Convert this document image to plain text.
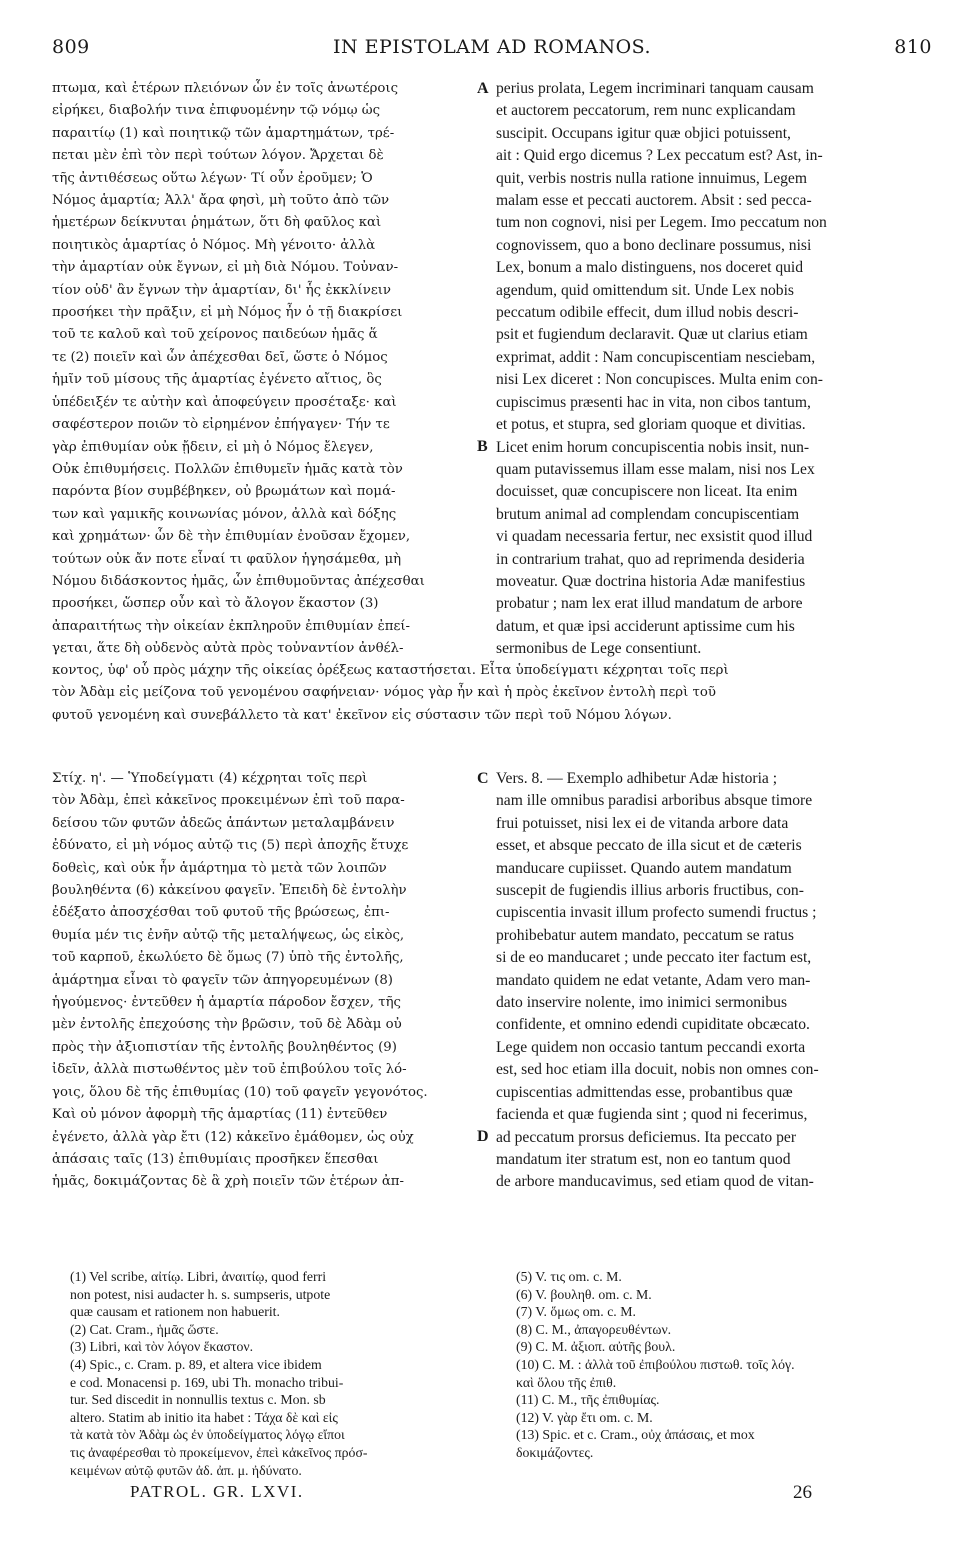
809	IN EPISTOLAM AD ROMANOS.	810
πτωμα, καὶ ἑτέρων πλειόνων ὧν ἐν τοῖς ἀνωτέροις
εἰρήκει, διαβολήν τινα ἐπιφυομένην τῷ νόμῳ ὡς
παραιτίῳ (1) καὶ ποιητικῷ τῶν ἁμαρτημάτων, τρέ-
πεται μὲν ἐπὶ τὸν περὶ τούτων λόγον. Ἄρχεται δὲ
τῆς ἀντιθέσεως οὕτω λέγων· Τί οὖν ἐροῦμεν; Ὁ
Νόμος ἁμαρτία; Ἀλλ' ἄρα φησὶ, μὴ τοῦτο ἀπὸ τῶν
ἡμετέρων δείκνυται ῥημάτων, ὅτι δὴ φαῦλος καὶ
ποιητικὸς ἁμαρτίας ὁ Νόμος. Μὴ γένοιτο· ἀλλὰ
τὴν ἁμαρτίαν οὐκ ἔγνων, εἰ μὴ διὰ Νόμου. Τοὐναν-
τίον οὐδ' ἂν ἔγνων τὴν ἁμαρτίαν, δι' ἧς ἐκκλίνειν
προσήκει τὴν πρᾶξιν, εἰ μὴ Νόμος ἦν ὁ τῇ διακρίσει
τοῦ τε καλοῦ καὶ τοῦ χείρονος παιδεύων ἡμᾶς ἅ
τε (2) ποιεῖν καὶ ὧν ἀπέχεσθαι δεῖ, ὥστε ὁ Νόμος
ἡμῖν τοῦ μίσους τῆς ἁμαρτίας ἐγένετο αἴτιος, ὃς
ὑπέδειξέν τε αὐτὴν καὶ ἀποφεύγειν προσέταξε· καὶ
σαφέστερον ποιῶν τὸ εἰρημένον ἐπήγαγεν· Τήν τε
γὰρ ἐπιθυμίαν οὐκ ᾔδειν, εἰ μὴ ὁ Νόμος ἔλεγεν,
Οὐκ ἐπιθυμήσεις. Πολλῶν ἐπιθυμεῖν ἡμᾶς κατὰ τὸν
παρόντα βίον συμβέβηκεν, οὐ βρωμάτων καὶ πομά-
των καὶ γαμικῆς κοινωνίας μόνον, ἀλλὰ καὶ δόξης
καὶ χρημάτων· ὧν δὲ τὴν ἐπιθυμίαν ἐνοῦσαν ἔχομεν,
τούτων οὐκ ἄν ποτε εἶναί τι φαῦλον ἡγησάμεθα, μὴ
Νόμου διδάσκοντος ἡμᾶς, ὧν ἐπιθυμοῦντας ἀπέχεσθαι
προσήκει, ὥσπερ οὖν καὶ τὸ ἄλογον ἕκαστον (3)
ἀπαραιτήτως τὴν οἰκείαν ἐκπληροῦν ἐπιθυμίαν ἐπεί-
γεται, ἅτε δὴ οὐδενὸς αὐτὰ πρὸς τοὐναντίον ἀνθέλ-
perius prolata, Legem incriminari tanquam causam
et auctorem peccatorum, rem nunc explicandam
suscipit. Occupans igitur quæ objici potuissent,
ait : Quid ergo dicemus ? Lex peccatum est? Ast, in-
quit, verbis nostris nulla ratione innuimus, Legem
malam esse et peccati auctorem. Absit : sed pecca-
tum non cognovi, nisi per Legem. Imo peccatum non
cognovissem, quo a bono declinare possumus, nisi
Lex, bonum a malo distinguens, nos doceret quid
agendum, quid omittendum sit. Unde Lex nobis
peccatum odibile effecit, dum illud nobis descri-
psit et fugiendum declaravit. Quæ ut clarius etiam
exprimat, addit : Nam concupiscentiam nesciebam,
nisi Lex diceret : Non concupisces. Multa enim con-
cupiscimus præsenti hac in vita, non cibos tantum,
et potus, et stupra, sed gloriam quoque et divitias.
Licet enim horum concupiscentia nobis insit, nun-
quam putavissemus illam esse malam, nisi nos Lex
docuisset, quæ concupiscere non liceat. Ita enim
brutum animal ad complendam concupiscentiam
vi quadam necessaria fertur, nec exsistit quod illud
in contrarium trahat, quo ad reprimenda desideria
moveatur. Quæ doctrina historia Adæ manifestius
probatur ; nam lex erat illud mandatum de arbore
datum, et quæ ipsi acciderunt aptissime cum his
sermonibus de Lege consentiunt.
A
B
κοντος, ὑφ' οὗ πρὸς μάχην τῆς οἰκείας ὀρέξεως καταστήσεται. Εἶτα ὑποδείγματι κέχρηται τοῖς περὶ
τὸν Ἀδὰμ εἰς μείζονα τοῦ γενομένου σαφήνειαν· νόμος γὰρ ἦν καὶ ἡ πρὸς ἐκεῖνον ἐντολὴ περὶ τοῦ
φυτοῦ γενομένη καὶ συνεβάλλετο τὰ κατ' ἐκεῖνον εἰς σύστασιν τῶν περὶ τοῦ Νόμου λόγων.
Στίχ. η'. — Ὑποδείγματι (4) κέχρηται τοῖς περὶ
τὸν Ἀδὰμ, ἐπεὶ κἀκεῖνος προκειμένων ἐπὶ τοῦ παρα-
δείσου τῶν φυτῶν ἀδεῶς ἁπάντων μεταλαμβάνειν
ἐδύνατο, εἰ μὴ νόμος αὐτῷ τις (5) περὶ ἀποχῆς ἔτυχε
δοθεὶς, καὶ οὐκ ἦν ἁμάρτημα τὸ μετὰ τῶν λοιπῶν
βουληθέντα (6) κἀκείνου φαγεῖν. Ἐπειδὴ δὲ ἐντολὴν
ἐδέξατο ἀποσχέσθαι τοῦ φυτοῦ τῆς βρώσεως, ἐπι-
θυμία μέν τις ἐνῆν αὐτῷ τῆς μεταλήψεως, ὡς εἰκὸς,
τοῦ καρποῦ, ἐκωλύετο δὲ ὅμως (7) ὑπὸ τῆς ἐντολῆς,
ἁμάρτημα εἶναι τὸ φαγεῖν τῶν ἀπηγορευμένων (8)
ἡγούμενος· ἐντεῦθεν ἡ ἁμαρτία πάροδον ἔσχεν, τῆς
μὲν ἐντολῆς ἐπεχούσης τὴν βρῶσιν, τοῦ δὲ Ἀδὰμ οὐ
πρὸς τὴν ἀξιοπιστίαν τῆς ἐντολῆς βουληθέντος (9)
ἰδεῖν, ἀλλὰ πιστωθέντος μὲν τοῦ ἐπιβούλου τοῖς λό-
γοις, ὅλου δὲ τῆς ἐπιθυμίας (10) τοῦ φαγεῖν γεγονότος.
Καὶ οὐ μόνον ἀφορμὴ τῆς ἁμαρτίας (11) ἐντεῦθεν
ἐγένετο, ἀλλὰ γὰρ ἔτι (12) κἀκεῖνο ἐμάθομεν, ὡς οὐχ
ἁπάσαις ταῖς (13) ἐπιθυμίαις προσῆκεν ἕπεσθαι
ἡμᾶς, δοκιμάζοντας δὲ ἃ χρὴ ποιεῖν τῶν ἑτέρων ἀπ-
Vers. 8. — Exemplo adhibetur Adæ historia ;
nam ille omnibus paradisi arboribus absque timore
frui potuisset, nisi lex ei de vitanda arbore data
esset, et absque peccato de illa sicut et de cæteris
manducare cupiisset. Quando autem mandatum
suscepit de fugiendis illius arboris fructibus, con-
cupiscentia invasit illum profecto sumendi fructus ;
prohibebatur autem mandato, peccatum se ratus
si de eo manducaret ; unde peccato iter factum est,
mandato quidem ne edat vetante, Adam vero man-
dato inservire nolente, imo inimici sermonibus
confidente, et omnino edendi cupiditate obcæcato.
Lege quidem non occasio tantum peccandi exorta
est, sed hoc etiam illa docuit, nobis non omnes con-
cupiscentias admittendas esse, probantibus quæ
facienda et quæ fugienda sint ; quod ni fecerimus,
ad peccatum prorsus deficiemus. Ita peccato per
mandatum iter stratum est, non eo tantum quod
de arbore manducavimus, sed etiam quod de vitan-
C
D
(1) Vel scribe, αἰτίῳ. Libri, ἀναιτίῳ, quod ferri
non potest, nisi audacter h. s. sumpseris, utpote
quæ causam et rationem non habuerit.
(2) Cat. Cram., ἡμᾶς ὥστε.
(3) Libri, καὶ τὸν λόγον ἕκαστον.
(4) Spic., c. Cram. p. 89, et altera vice ibidem
e cod. Monacensi p. 169, ubi Th. monacho tribui-
tur. Sed discedit in nonnullis textus c. Mon. sb
altero. Statim ab initio ita habet : Τάχα δὲ καὶ εἰς
τὰ κατὰ τὸν Ἀδὰμ ὡς ἐν ὑποδείγματος λόγῳ εἴποι
τις ἀναφέρεσθαι τὸ προκείμενον, ἐπεὶ κἀκεῖνος πρόσ-
κειμένων αὐτῷ φυτῶν ἀδ. ἀπ. μ. ἠδύνατο.
(5) V. τις om. c. M.
(6) V. βουληθ. om. c. M.
(7) V. ὅμως om. c. M.
(8) C. M., ἀπαγορευθέντων.
(9) C. M. ἀξιοπ. αὐτῆς βουλ.
(10) C. M. : ἀλλὰ τοῦ ἐπιβούλου πιστωθ. τοῖς λόγ.
καὶ ὅλου τῆς ἐπιθ.
(11) C. M., τῆς ἐπιθυμίας.
(12) V. γὰρ ἔτι om. c. M.
(13) Spic. et c. Cram., οὐχ ἁπάσαις, et mox
δοκιμάζοντες.
PATROL. GR. LXVI.	26
